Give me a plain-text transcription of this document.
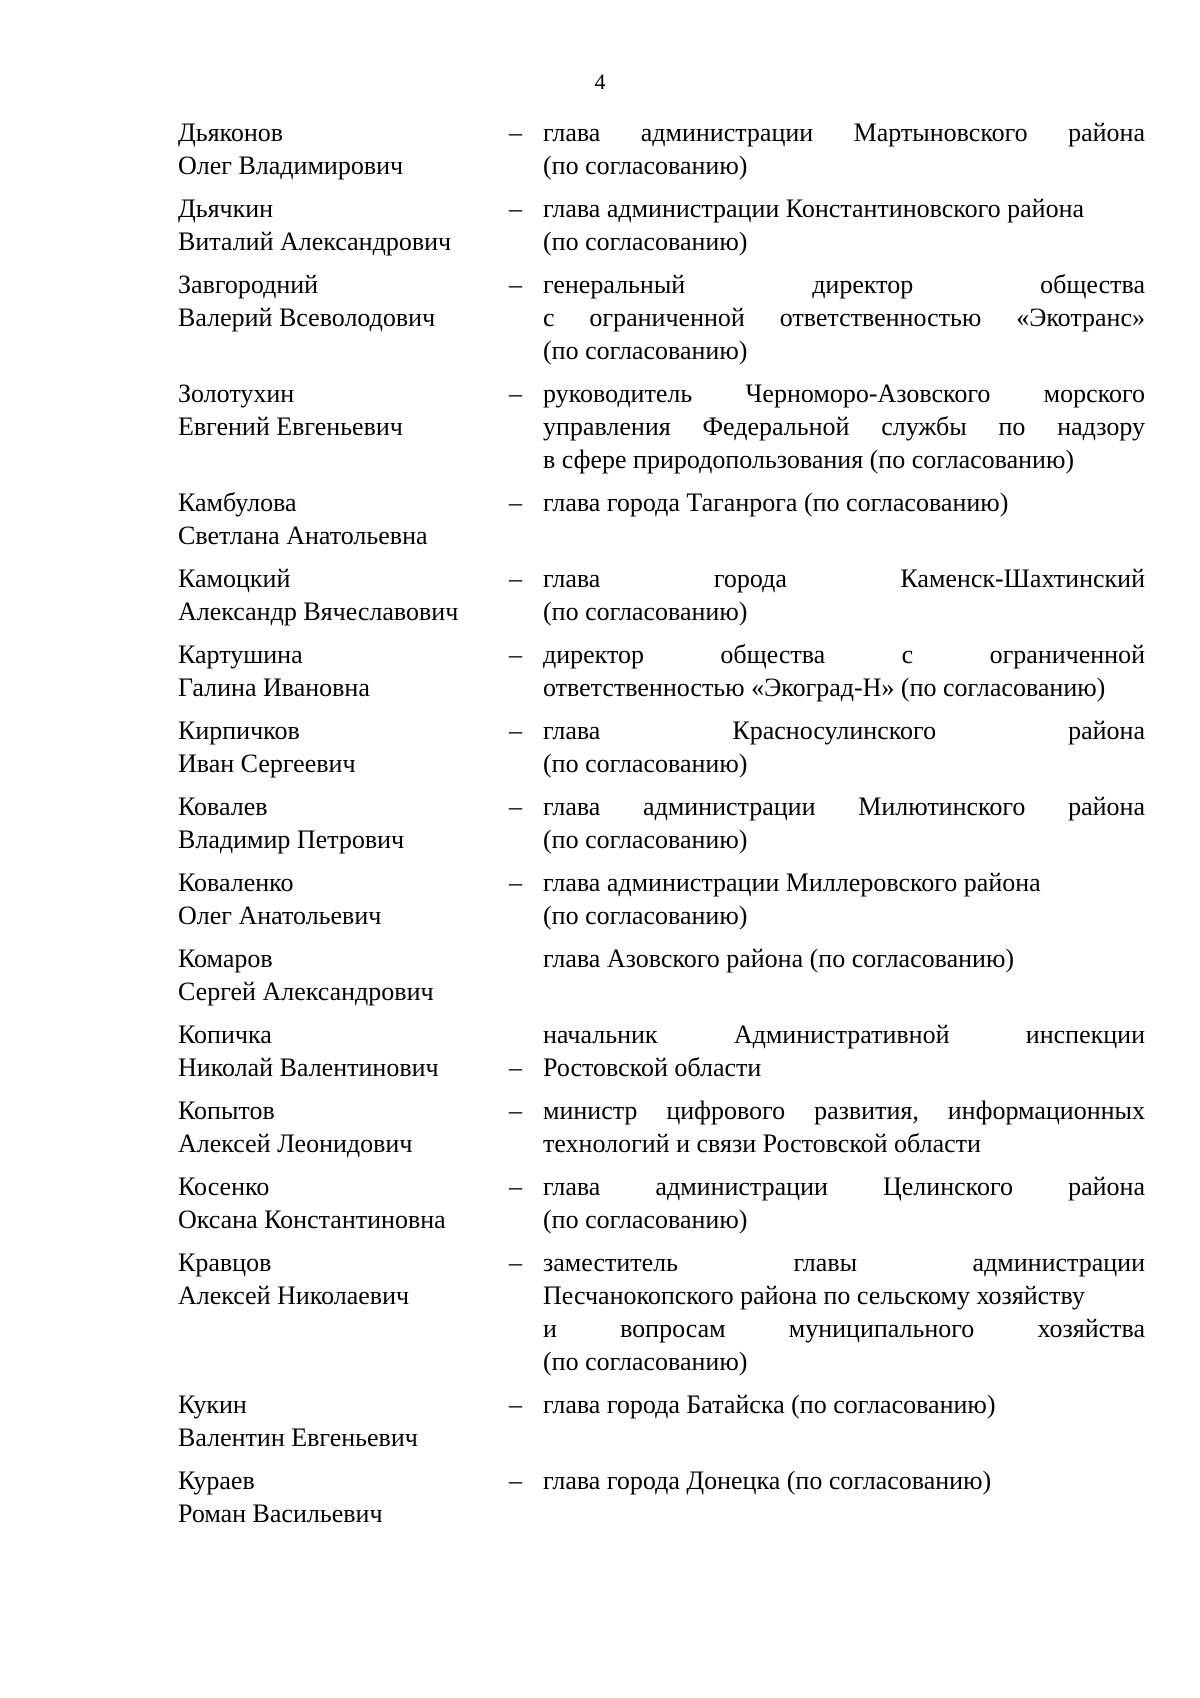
4
Дьяконов
Олег Владимирович
– глава администрации Мартыновского района
(по согласованию)
Дьячкин
Виталий Александрович
– глава администрации Константиновского района
(по согласованию)
Завгородний
Валерий Всеволодович
– генеральный директор общества
с ограниченной ответственностью «Экотранс»
(по согласованию)
Золотухин
Евгений Евгеньевич
– руководитель Черноморо-Азовского морского
управления Федеральной службы по надзору
в сфере природопользования (по согласованию)
Камбулова
Светлана Анатольевна
– глава города Таганрога (по согласованию)
Камоцкий
Александр Вячеславович
– глава города Каменск-Шахтинский
(по согласованию)
Картушина
Галина Ивановна
– директор общества с ограниченной
ответственностью «Экоград-Н» (по согласованию)
Кирпичков
Иван Сергеевич
– глава Красносулинского района
(по согласованию)
Ковалев
Владимир Петрович
– глава администрации Милютинского района
(по согласованию)
Коваленко
Олег Анатольевич
– глава администрации Миллеровского района
(по согласованию)
Комаров
Сергей Александрович
глава Азовского района (по согласованию)
Копичка
Николай Валентинович	–
начальник Административной инспекции
Ростовской области
Копытов
Алексей Леонидович
– министр цифрового развития, информационных
технологий и связи Ростовской области
Косенко
Оксана Константиновна
– глава администрации Целинского района
(по согласованию)
Кравцов
Алексей Николаевич
– заместитель главы администрации
Песчанокопского района по сельскому хозяйству
и вопросам муниципального хозяйства
(по согласованию)
Кукин
Валентин Евгеньевич
– глава города Батайска (по согласованию)
Кураев
Роман Васильевич
– глава города Донецка (по согласованию)
